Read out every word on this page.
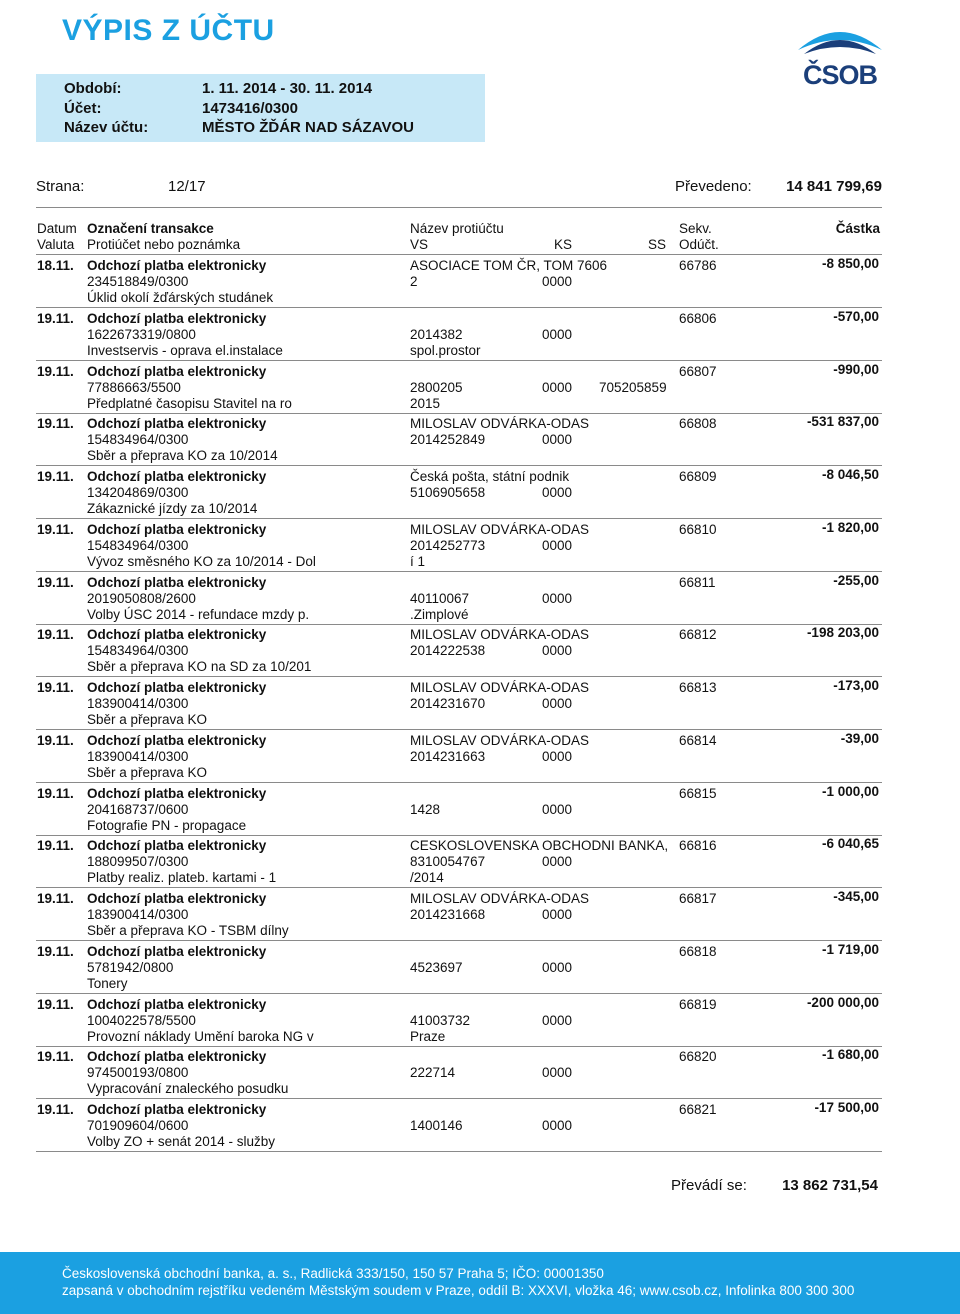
VÝPIS Z ÚČTU
ČSOB
Období:	1. 11. 2014 - 30. 11. 2014
Účet:	1473416/0300
Název účtu:	MĚSTO ŽĎÁR NAD SÁZAVOU
Strana:	12/17	Převedeno:	14 841 799,69
Datum
Valuta
Označení transakce
Protiúčet nebo poznámka
Název protiúčtu
VS	KS	SS
Sekv.
Odúčt.
Částka
18.11. Odchozí platba elektronicky
234518849/0300
Úklid okolí žďárských studánek
ASOCIACE TOM ČR, TOM 7606
2	0000
66786	-8 850,00
19.11. Odchozí platba elektronicky
1622673319/0800
Investservis - oprava el.instalace
2014382	0000
spol.prostor
66806	-570,00
19.11. Odchozí platba elektronicky
77886663/5500
Předplatné časopisu Stavitel na ro
2800205	0000 705205859
2015
66807	-990,00
19.11. Odchozí platba elektronicky
154834964/0300
Sběr a přeprava KO za 10/2014
MILOSLAV ODVÁRKA-ODAS
2014252849	0000
66808	-531 837,00
19.11. Odchozí platba elektronicky
134204869/0300
Zákaznické jízdy za 10/2014
Česká pošta, státní podnik
5106905658	0000
66809	-8 046,50
19.11. Odchozí platba elektronicky
154834964/0300
Vývoz směsného KO za 10/2014 - Dol
MILOSLAV ODVÁRKA-ODAS
2014252773	0000
í 1
66810	-1 820,00
19.11. Odchozí platba elektronicky
2019050808/2600
Volby ÚSC 2014 - refundace mzdy p.
40110067	0000
.Zimplové
66811	-255,00
19.11. Odchozí platba elektronicky
154834964/0300
Sběr a přeprava KO na SD za 10/201
MILOSLAV ODVÁRKA-ODAS
2014222538	0000
66812	-198 203,00
19.11. Odchozí platba elektronicky
183900414/0300
Sběr a přeprava KO
MILOSLAV ODVÁRKA-ODAS
2014231670	0000
66813	-173,00
19.11. Odchozí platba elektronicky
183900414/0300
Sběr a přeprava KO
MILOSLAV ODVÁRKA-ODAS
2014231663	0000
66814	-39,00
19.11. Odchozí platba elektronicky
204168737/0600
Fotografie PN - propagace
1428	0000
66815	-1 000,00
19.11. Odchozí platba elektronicky
188099507/0300
Platby realiz. plateb. kartami - 1
CESKOSLOVENSKA OBCHODNI BANKA,
8310054767	0000
/2014
66816	-6 040,65
19.11. Odchozí platba elektronicky
183900414/0300
Sběr a přeprava KO - TSBM dílny
MILOSLAV ODVÁRKA-ODAS
2014231668	0000
66817	-345,00
19.11. Odchozí platba elektronicky
5781942/0800
Tonery
4523697	0000
66818	-1 719,00
19.11. Odchozí platba elektronicky
1004022578/5500
Provozní náklady Umění baroka NG v
41003732	0000
Praze
66819	-200 000,00
19.11. Odchozí platba elektronicky
974500193/0800
Vypracování znaleckého posudku
222714	0000
66820	-1 680,00
19.11. Odchozí platba elektronicky
701909604/0600
Volby ZO + senát 2014 - služby
1400146	0000
66821	-17 500,00
Převádí se:	13 862 731,54
Československá obchodní banka, a. s., Radlická 333/150, 150 57 Praha 5; IČO: 00001350
zapsaná v obchodním rejstříku vedeném Městským soudem v Praze, oddíl B: XXXVI, vložka 46; www.csob.cz, Infolinka 800 300 300
